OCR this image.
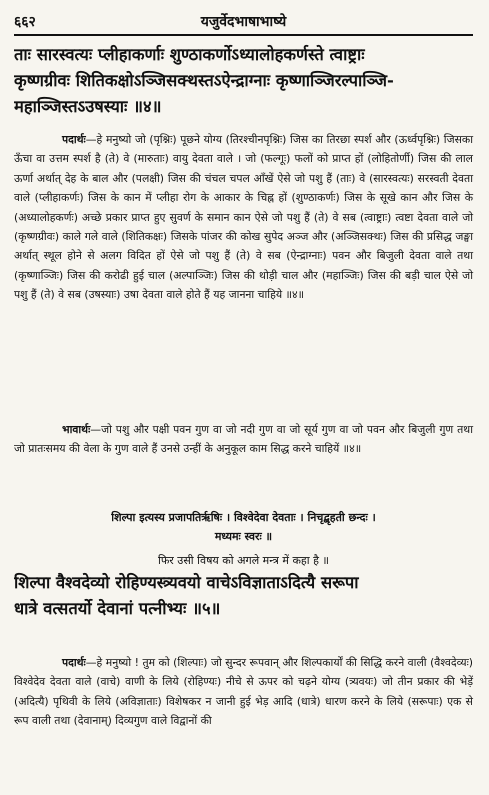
६६२	यजुर्वेदभाषाभाष्ये
ताः सारस्वत्यः प्लीहाकर्णाः शुण्ठाकर्णोऽध्यालोहकर्णस्ते त्वाष्ट्राः
कृष्णग्रीवः शितिकक्षोऽञ्जिसक्थस्तऽऐन्द्राग्नाः कृष्णाञ्जिरल्पाञ्जि-
महाञ्जिस्तऽउषस्याः ॥४॥

पदार्थः—हे मनुष्यो जो (पृश्निः) पूछने योग्य (तिरश्चीनपृश्निः) जिस का तिरछा स्पर्श और (ऊर्ध्वपृश्निः) जिसका ऊँचा वा उत्तम स्पर्श है (ते) वे (मारुताः) वायु देवता वाले । जो (फल्गूः) फलों को प्राप्त हों (लोहितोर्णी) जिस की लाल ऊर्णा अर्थात् देह के बाल और (पलक्षी) जिस की चंचल चपल आँखें ऐसे जो पशु हैं (ताः) वे (सारस्वत्यः) सरस्वती देवता वाले (प्लीहाकर्णः) जिस के कान में प्लीहा रोग के आकार के चिह्न हों (शुण्ठाकर्णः) जिस के सूखे कान और जिस के (अध्यालोहकर्णः) अच्छे प्रकार प्राप्त हुए सुवर्ण के समान कान ऐसे जो पशु हैं (ते) वे सब (त्वाष्ट्राः) त्वष्टा देवता वाले जो (कृष्णग्रीवः) काले गले वाले (शितिकक्षः) जिसके पांजर की कोख सुपेद अञ्ज और (अञ्जिसक्थः) जिस की प्रसिद्ध जङ्घा अर्थात् स्थूल होने से अलग विदित हों ऐसे जो पशु हैं (ते) वे सब (ऐन्द्राग्नाः) पवन और बिजुली देवता वाले तथा (कृष्णाञ्जिः) जिस की करोढी हुई चाल (अल्पाञ्जिः) जिस की थोड़ी चाल और (महाञ्जिः) जिस की बड़ी चाल ऐसे जो पशु हैं (ते) वे सब (उषस्याः) उषा देवता वाले होते हैं यह जानना चाहिये ॥४॥

भावार्थः—जो पशु और पक्षी पवन गुण वा जो नदी गुण वा जो सूर्य गुण वा जो पवन और बिजुली गुण तथा जो प्रातःसमय की वेला के गुण वाले हैं उनसे उन्हीं के अनुकूल काम सिद्ध करने चाहियें ॥४॥

शिल्पा इत्यस्य प्रजापतिर्ऋषिः । विश्वेदेवा देवताः । निचृद्बृहती छन्दः ।
मध्यमः स्वरः ॥
फिर उसी विषय को अगले मन्त्र में कहा है ॥
शिल्पा वैश्वदेव्यो रोहिण्यस्त्र्यवयो वाचेऽविज्ञाताऽदित्यै सरूपा
धात्रे वत्सतर्यो देवानां पत्नीभ्यः ॥५॥

पदार्थः—हे मनुष्यो ! तुम को (शिल्पाः) जो सुन्दर रूपवान् और शिल्पकार्यों की सिद्धि करने वाली (वैश्वदेव्यः) विश्वेदेव देवता वाले (वाचे) वाणी के लिये (रोहिण्यः) नीचे से ऊपर को चढ़ने योग्य (त्र्यवयः) जो तीन प्रकार की भेड़ें (अदित्यै) पृथिवी के लिये (अविज्ञाताः) विशेषकर न जानी हुई भेड़ आदि (धात्रे) धारण करने के लिये (सरूपाः) एक से रूप वाली तथा (देवानाम्) दिव्यगुण वाले विद्वानों की
